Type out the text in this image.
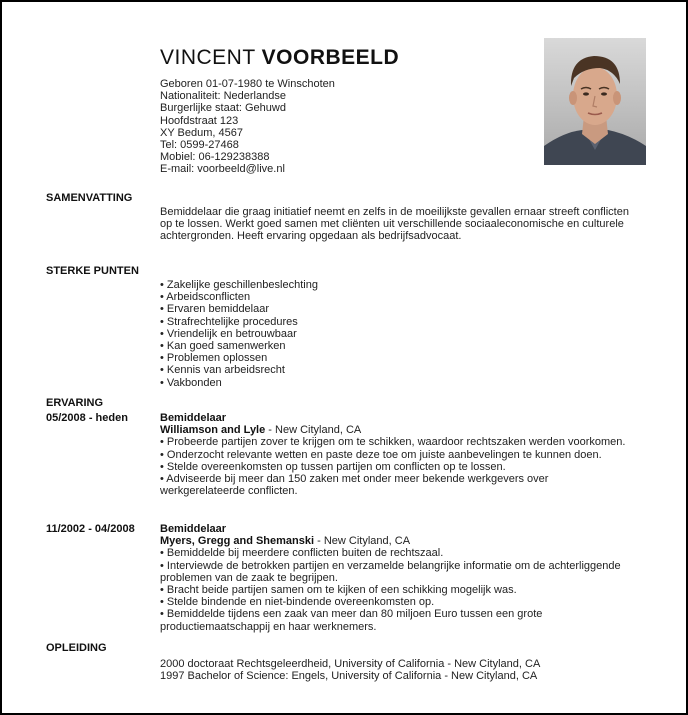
VINCENT VOORBEELD
Geboren 01-07-1980 te Winschoten
Nationaliteit: Nederlandse
Burgerlijke staat: Gehuwd
Hoofdstraat 123
XY Bedum, 4567
Tel: 0599-27468
Mobiel: 06-129238388
E-mail: voorbeeld@live.nl
SAMENVATTING
Bemiddelaar die graag initiatief neemt en zelfs in de moeilijkste gevallen ernaar streeft conflicten op te lossen. Werkt goed samen met cliënten uit verschillende sociaaleconomische en culturele achtergronden. Heeft ervaring opgedaan als bedrijfsadvocaat.
STERKE PUNTEN
• Zakelijke geschillenbeslechting
• Arbeidsconflicten
• Ervaren bemiddelaar
• Strafrechtelijke procedures
• Vriendelijk en betrouwbaar
• Kan goed samenwerken
• Problemen oplossen
• Kennis van arbeidsrecht
• Vakbonden
ERVARING
05/2008 - heden	Bemiddelaar
Williamson and Lyle - New Cityland, CA
• Probeerde partijen zover te krijgen om te schikken, waardoor rechtszaken werden voorkomen.
• Onderzocht relevante wetten en paste deze toe om juiste aanbevelingen te kunnen doen.
• Stelde overeenkomsten op tussen partijen om conflicten op te lossen.
• Adviseerde bij meer dan 150 zaken met onder meer bekende werkgevers over werkgerelateerde conflicten.
11/2002 - 04/2008 Bemiddelaar
Myers, Gregg and Shemanski - New Cityland, CA
• Bemiddelde bij meerdere conflicten buiten de rechtszaal.
• Interviewde de betrokken partijen en verzamelde belangrijke informatie om de achterliggende problemen van de zaak te begrijpen.
• Bracht beide partijen samen om te kijken of een schikking mogelijk was.
• Stelde bindende en niet-bindende overeenkomsten op.
• Bemiddelde tijdens een zaak van meer dan 80 miljoen Euro tussen een grote productiemaatschappij en haar werknemers.
OPLEIDING
2000 doctoraat Rechtsgeleerdheid, University of California - New Cityland, CA
1997 Bachelor of Science: Engels, University of California - New Cityland, CA
